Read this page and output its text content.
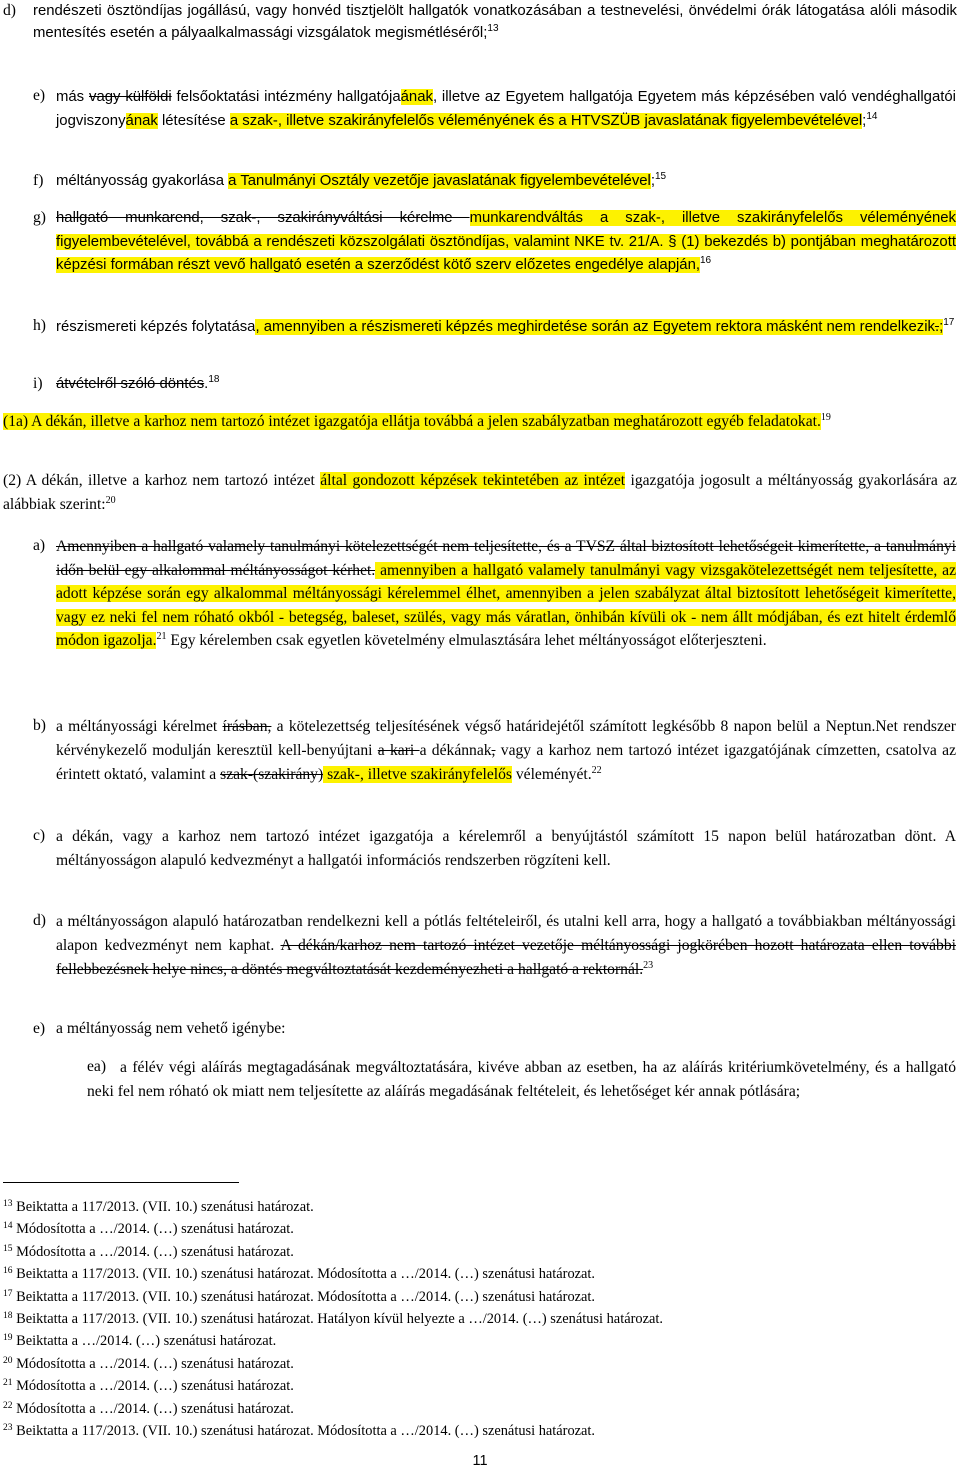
d) rendészeti ösztöndíjas jogállású, vagy honvéd tisztjelölt hallgatók vonatkozásában a testnevelési, önvédelmi órák látogatása alóli második mentesítés esetén a pályaalkalmassági vizsgálatok megismétléséről;$^{13}$

e) más vagy külföldi felsőoktatási intézmény hallgatójaának, illetve az Egyetem hallgatója Egyetem más képzésében való vendéghallgatói jogviszonyának létesítése a szak-, illetve szakirányfelelős véleményének és a HTVSZÜB javaslatának figyelembevételével;$^{14}$

f) méltányosság gyakorlása a Tanulmányi Osztály vezetője javaslatának figyelembevételével;$^{15}$

g) hallgató munkarend, szak-, szakirányváltási kérelme munkarendváltás a szak-, illetve szakirányfelelős véleményének figyelembevételével, továbbá a rendészeti közszolgálati ösztöndíjas, valamint NKE tv. 21/A. § (1) bekezdés b) pontjában meghatározott képzési formában részt vevő hallgató esetén a szerződést kötő szerv előzetes engedélye alapján,$^{16}$

h) részismereti képzés folytatása, amennyiben a részismereti képzés meghirdetése során az Egyetem rektora másként nem rendelkezik.;$^{17}$

i) átvételről szóló döntés.$^{18}$

(1a) A dékán, illetve a karhoz nem tartozó intézet igazgatója ellátja továbbá a jelen szabályzatban meghatározott egyéb feladatokat.$^{19}$

(2) A dékán, illetve a karhoz nem tartozó intézet által gondozott képzések tekintetében az intézet igazgatója jogosult a méltányosság gyakorlására az alábbiak szerint:$^{20}$

a) Amennyiben a hallgató valamely tanulmányi kötelezettségét nem teljesítette, és a TVSZ által biztosított lehetőségeit kimerítette, a tanulmányi időn belül egy alkalommal méltányosságot kérhet. amennyiben a hallgató valamely tanulmányi vagy vizsgakötelezettségét nem teljesítette, az adott képzése során egy alkalommal méltányossági kérelemmel élhet, amennyiben a jelen szabályzat által biztosított lehetőségeit kimerítette, vagy ez neki fel nem róható okból - betegség, baleset, szülés, vagy más váratlan, önhibán kívüli ok - nem állt módjában, és ezt hitelt érdemlő módon igazolja.$^{21}$ Egy kérelemben csak egyetlen követelmény elmulasztására lehet méltányosságot előterjeszteni.

b) a méltányossági kérelmet írásban, a kötelezettség teljesítésének végső határidejétől számított legkésőbb 8 napon belül a Neptun.Net rendszer kérvénykezelő modulján keresztül kell-benyújtani a kari a dékánnak, vagy a karhoz nem tartozó intézet igazgatójának címzetten, csatolva az érintett oktató, valamint a szak-(szakirány) szak-, illetve szakirányfelelős véleményét.$^{22}$

c) a dékán, vagy a karhoz nem tartozó intézet igazgatója a kérelemről a benyújtástól számított 15 napon belül határozatban dönt. A méltányosságon alapuló kedvezményt a hallgatói információs rendszerben rögzíteni kell.

d) a méltányosságon alapuló határozatban rendelkezni kell a pótlás feltételeiről, és utalni kell arra, hogy a hallgató a továbbiakban méltányossági alapon kedvezményt nem kaphat. A dékán/karhoz nem tartozó intézet vezetője méltányossági jogkörében hozott határozata ellen további fellebbezésnek helye nincs, a döntés megváltoztatását kezdeményezheti a hallgató a rektornál.$^{23}$

e) a méltányosság nem vehető igénybe:

ea) a félév végi aláírás megtagadásának megváltoztatására, kivéve abban az esetben, ha az aláírás kritériumkövetelmény, és a hallgató neki fel nem róható ok miatt nem teljesítette az aláírás megadásának feltételeit, és lehetőséget kér annak pótlására;

$^{13}$ Beiktatta a 117/2013. (VII. 10.) szenátusi határozat.

$^{14}$ Módosította a …/2014. (…) szenátusi határozat.

$^{15}$ Módosította a …/2014. (…) szenátusi határozat.

$^{16}$ Beiktatta a 117/2013. (VII. 10.) szenátusi határozat. Módosította a …/2014. (…) szenátusi határozat.

$^{17}$ Beiktatta a 117/2013. (VII. 10.) szenátusi határozat. Módosította a …/2014. (…) szenátusi határozat.

$^{18}$ Beiktatta a 117/2013. (VII. 10.) szenátusi határozat. Hatályon kívül helyezte a …/2014. (…) szenátusi határozat.

$^{19}$ Beiktatta a …/2014. (…) szenátusi határozat.

$^{20}$ Módosította a …/2014. (…) szenátusi határozat.

$^{21}$ Módosította a …/2014. (…) szenátusi határozat.

$^{22}$ Módosította a …/2014. (…) szenátusi határozat.

$^{23}$ Beiktatta a 117/2013. (VII. 10.) szenátusi határozat. Módosította a …/2014. (…) szenátusi határozat.

11
